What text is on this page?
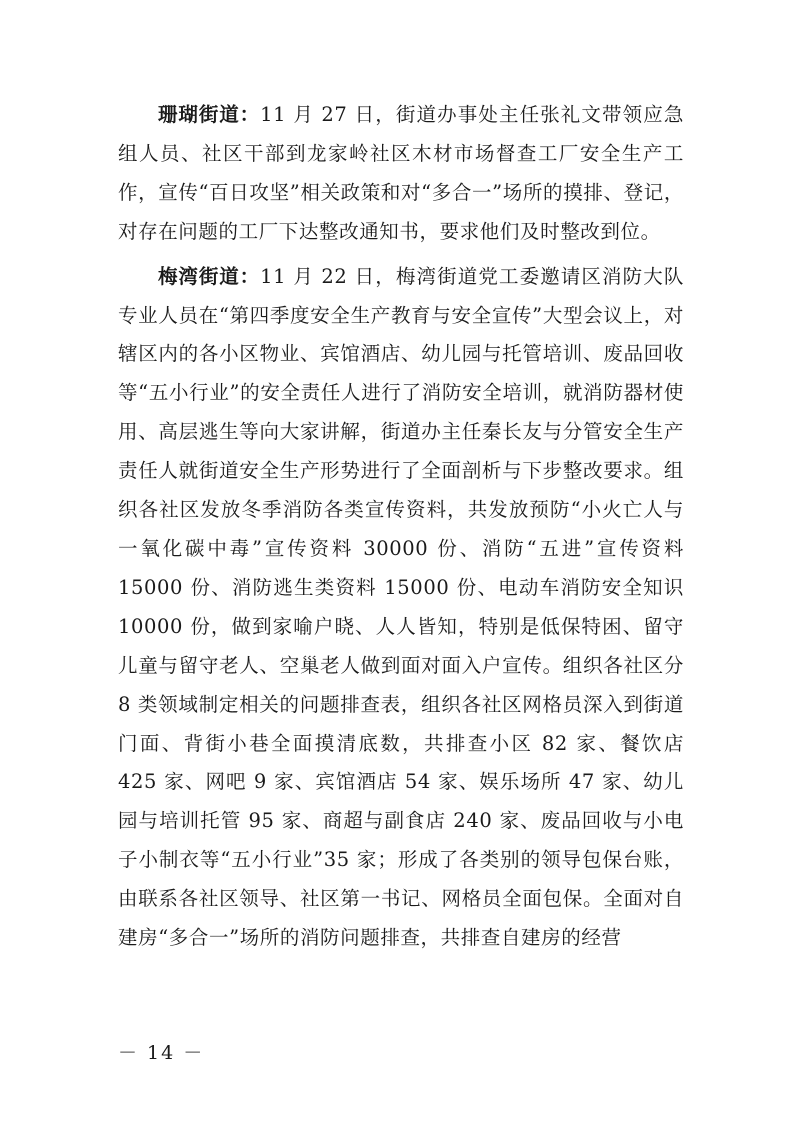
珊瑚街道：11 月 27 日，街道办事处主任张礼文带领应急组人员、社区干部到龙家岭社区木材市场督查工厂安全生产工作，宣传“百日攻坚”相关政策和对“多合一”场所的摸排、登记，对存在问题的工厂下达整改通知书，要求他们及时整改到位。

梅湾街道：11 月 22 日，梅湾街道党工委邀请区消防大队专业人员在“第四季度安全生产教育与安全宣传”大型会议上，对辖区内的各小区物业、宾馆酒店、幼儿园与托管培训、废品回收等“五小行业”的安全责任人进行了消防安全培训，就消防器材使用、高层逃生等向大家讲解，街道办主任秦长友与分管安全生产责任人就街道安全生产形势进行了全面剖析与下步整改要求。组织各社区发放冬季消防各类宣传资料，共发放预防“小火亡人与一氧化碳中毒”宣传资料 30000 份、消防“五进”宣传资料 15000 份、消防逃生类资料 15000 份、电动车消防安全知识 10000 份，做到家喻户晓、人人皆知，特别是低保特困、留守儿童与留守老人、空巢老人做到面对面入户宣传。组织各社区分 8 类领域制定相关的问题排查表，组织各社区网格员深入到街道门面、背街小巷全面摸清底数，共排查小区 82 家、餐饮店 425 家、网吧 9 家、宾馆酒店 54 家、娱乐场所 47 家、幼儿园与培训托管 95 家、商超与副食店 240 家、废品回收与小电子小制衣等“五小行业”35 家；形成了各类别的领导包保台账，由联系各社区领导、社区第一书记、网格员全面包保。全面对自建房“多合一”场所的消防问题排查，共排查自建房的经营

－ 14 －
